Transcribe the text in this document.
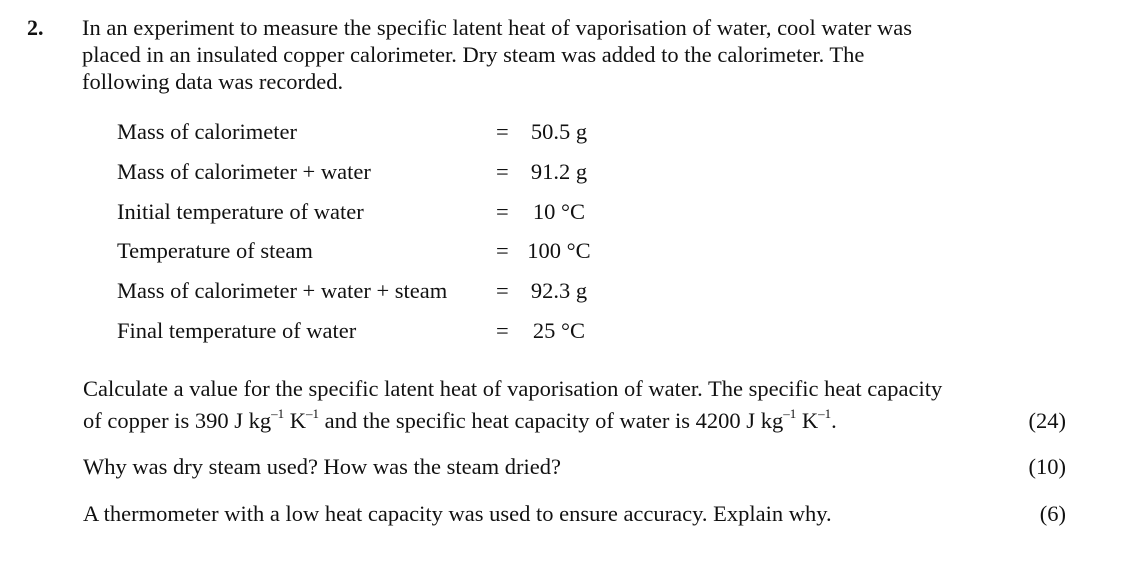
2. In an experiment to measure the specific latent heat of vaporisation of water, cool water was
placed in an insulated copper calorimeter. Dry steam was added to the calorimeter. The
following data was recorded.
Mass of calorimeter	= 50.5 g
Mass of calorimeter + water	= 91.2 g
Initial temperature of water	=	10 °C
Temperature of steam	= 100 °C
Mass of calorimeter + water + steam = 92.3 g
Final temperature of water	=	25 °C
Calculate a value for the specific latent heat of vaporisation of water. The specific heat capacity
of copper is 390 J $kg^{-1}$ $K^{-1}$ and the specific heat capacity of water is 4200 J $kg^{-1}$ $K^{-1}$.	(24)
Why was dry steam used? How was the steam dried?	(10)
A thermometer with a low heat capacity was used to ensure accuracy. Explain why.	(6)
